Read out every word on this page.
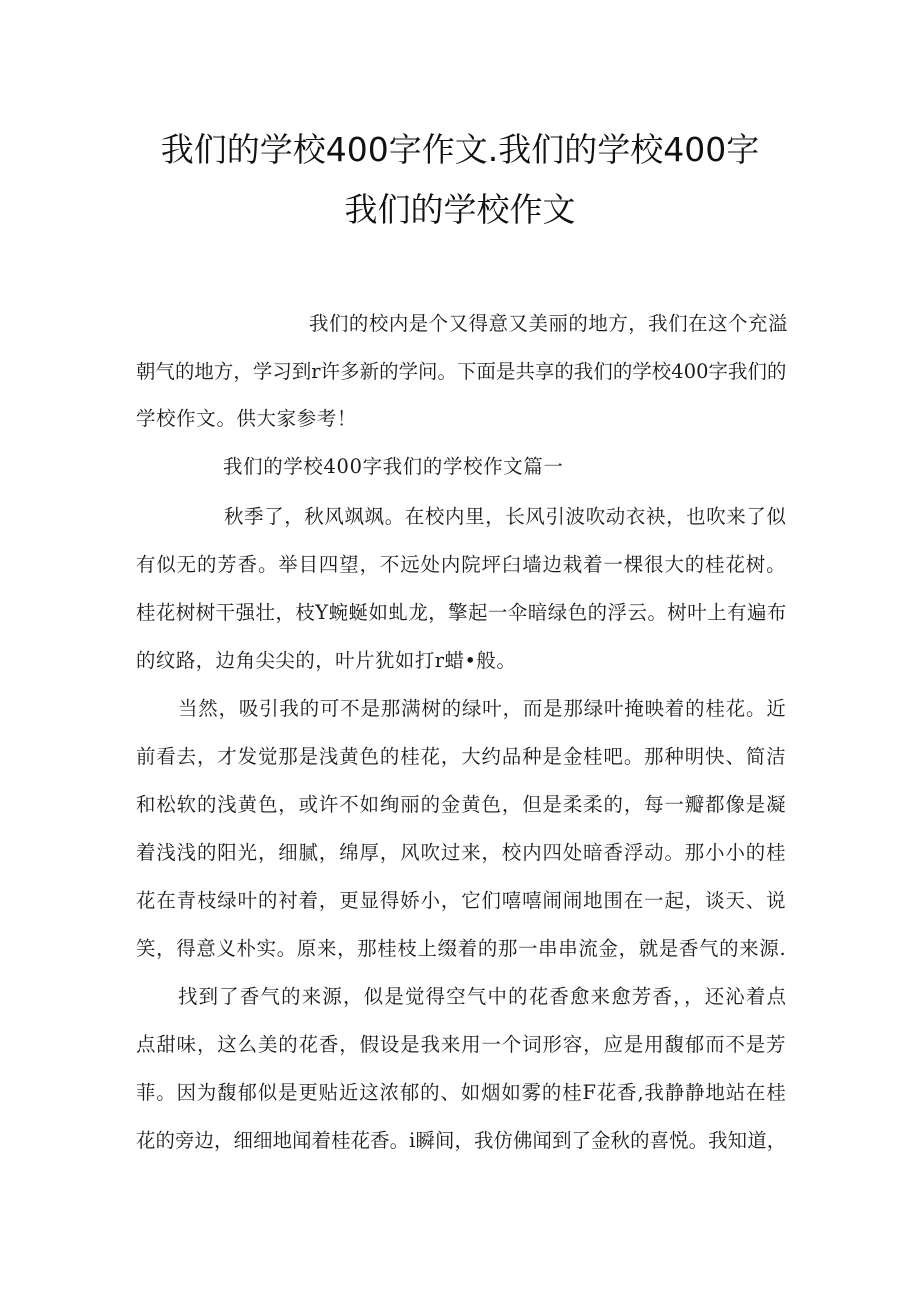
我们的学校400字作文.我们的学校400字
我们的学校作文
我们的校内是个又得意又美丽的地方，我们在这个充溢
朝气的地方，学习到r许多新的学问。下面是共享的我们的学校400字我们的
学校作文。供大家参考！
我们的学校400字我们的学校作文篇一
秋季了，秋风飒飒。在校内里，长风引波吹动衣袂，也吹来了似
有似无的芳香。举目四望，不远处内院坪臼墙边栽着一棵很大的桂花树。
桂花树树干强壮，枝Y蜿蜒如虬龙，擎起一伞暗绿色的浮云。树叶上有遍布
的纹路，边角尖尖的，叶片犹如打r蜡•般。
当然，吸引我的可不是那满树的绿叶，而是那绿叶掩映着的桂花。近
前看去，才发觉那是浅黄色的桂花，大约品种是金桂吧。那种明快、简洁
和松软的浅黄色，或许不如绚丽的金黄色，但是柔柔的，每一瓣都像是凝
着浅浅的阳光，细腻，绵厚，风吹过来，校内四处暗香浮动。那小小的桂
花在青枝绿叶的衬着，更显得娇小，它们嘻嘻闹闹地围在一起，谈天、说
笑，得意义朴实。原来，那桂枝上缀着的那一串串流金，就是香气的来源.
找到了香气的来源，似是觉得空气中的花香愈来愈芳香，，还沁着点
点甜味，这么美的花香，假设是我来用一个词形容，应是用馥郁而不是芳
菲。因为馥郁似是更贴近这浓郁的、如烟如雾的桂F花香,我静静地站在桂
花的旁边，细细地闻着桂花香。i瞬间，我仿佛闻到了金秋的喜悦。我知道，
